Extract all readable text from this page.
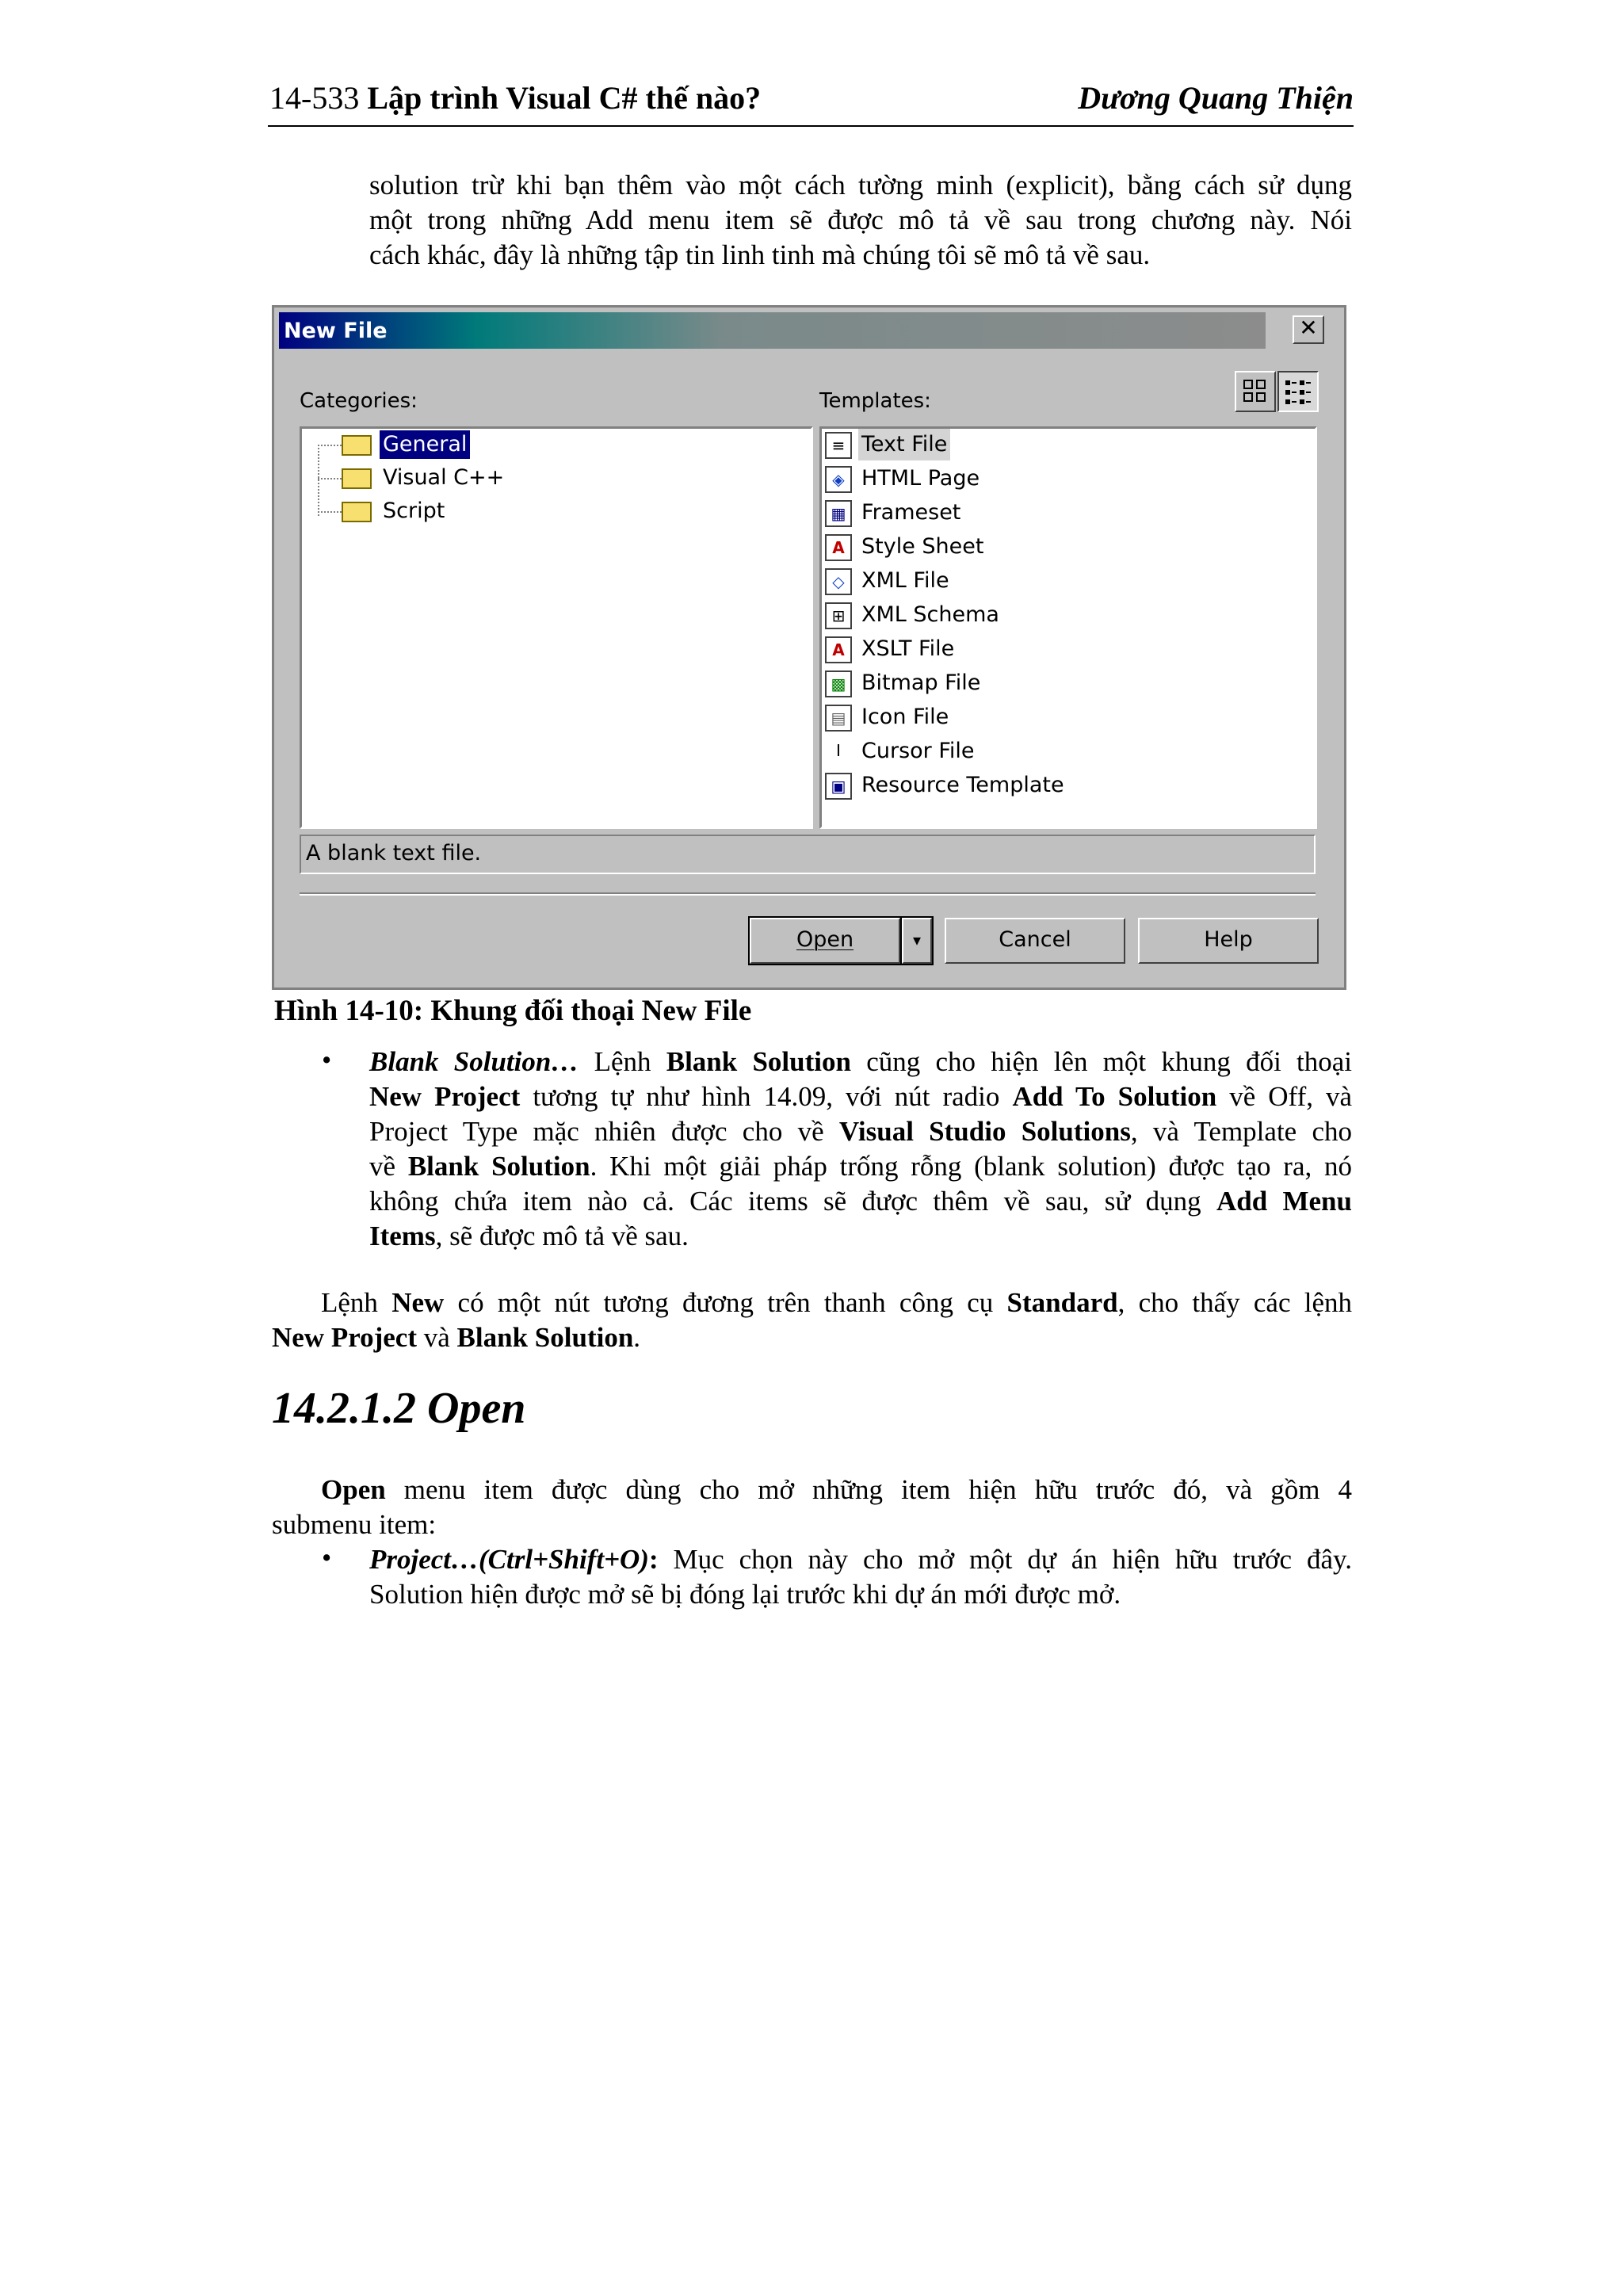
14-533 Lập trình Visual C# thế nào?	Dương Quang Thiện
solution trừ khi bạn thêm vào một cách tường minh (explicit), bằng cách sử dụng
một trong những Add menu item sẽ được mô tả về sau trong chương này. Nói
cách khác, đây là những tập tin linh tinh mà chúng tôi sẽ mô tả về sau.
New File	✕
Categories:	Templates:
General
Visual C++
Script
≡ Text File
◈ HTML Page
▦ Frameset
A Style Sheet
◇ XML File
⊞ XML Schema
A XSLT File
▩ Bitmap File
▤ Icon File
I Cursor File
▣ Resource Template
A blank text file.
Open	▾	Cancel	Help
Hình 14-10: Khung đối thoại New File
• Blank Solution… Lệnh Blank Solution cũng cho hiện lên một khung đối thoại
New Project tương tự như hình 14.09, với nút radio Add To Solution về Off, và
Project Type mặc nhiên được cho về Visual Studio Solutions, và Template cho
về Blank Solution. Khi một giải pháp trống rỗng (blank solution) được tạo ra, nó
không chứa item nào cả. Các items sẽ được thêm về sau, sử dụng Add Menu
Items, sẽ được mô tả về sau.
Lệnh New có một nút tương đương trên thanh công cụ Standard, cho thấy các lệnh
New Project và Blank Solution.
14.2.1.2 Open
Open menu item được dùng cho mở những item hiện hữu trước đó, và gồm 4
submenu item:
• Project…(Ctrl+Shift+O): Mục chọn này cho mở một dự án hiện hữu trước đây.
Solution hiện được mở sẽ bị đóng lại trước khi dự án mới được mở.
